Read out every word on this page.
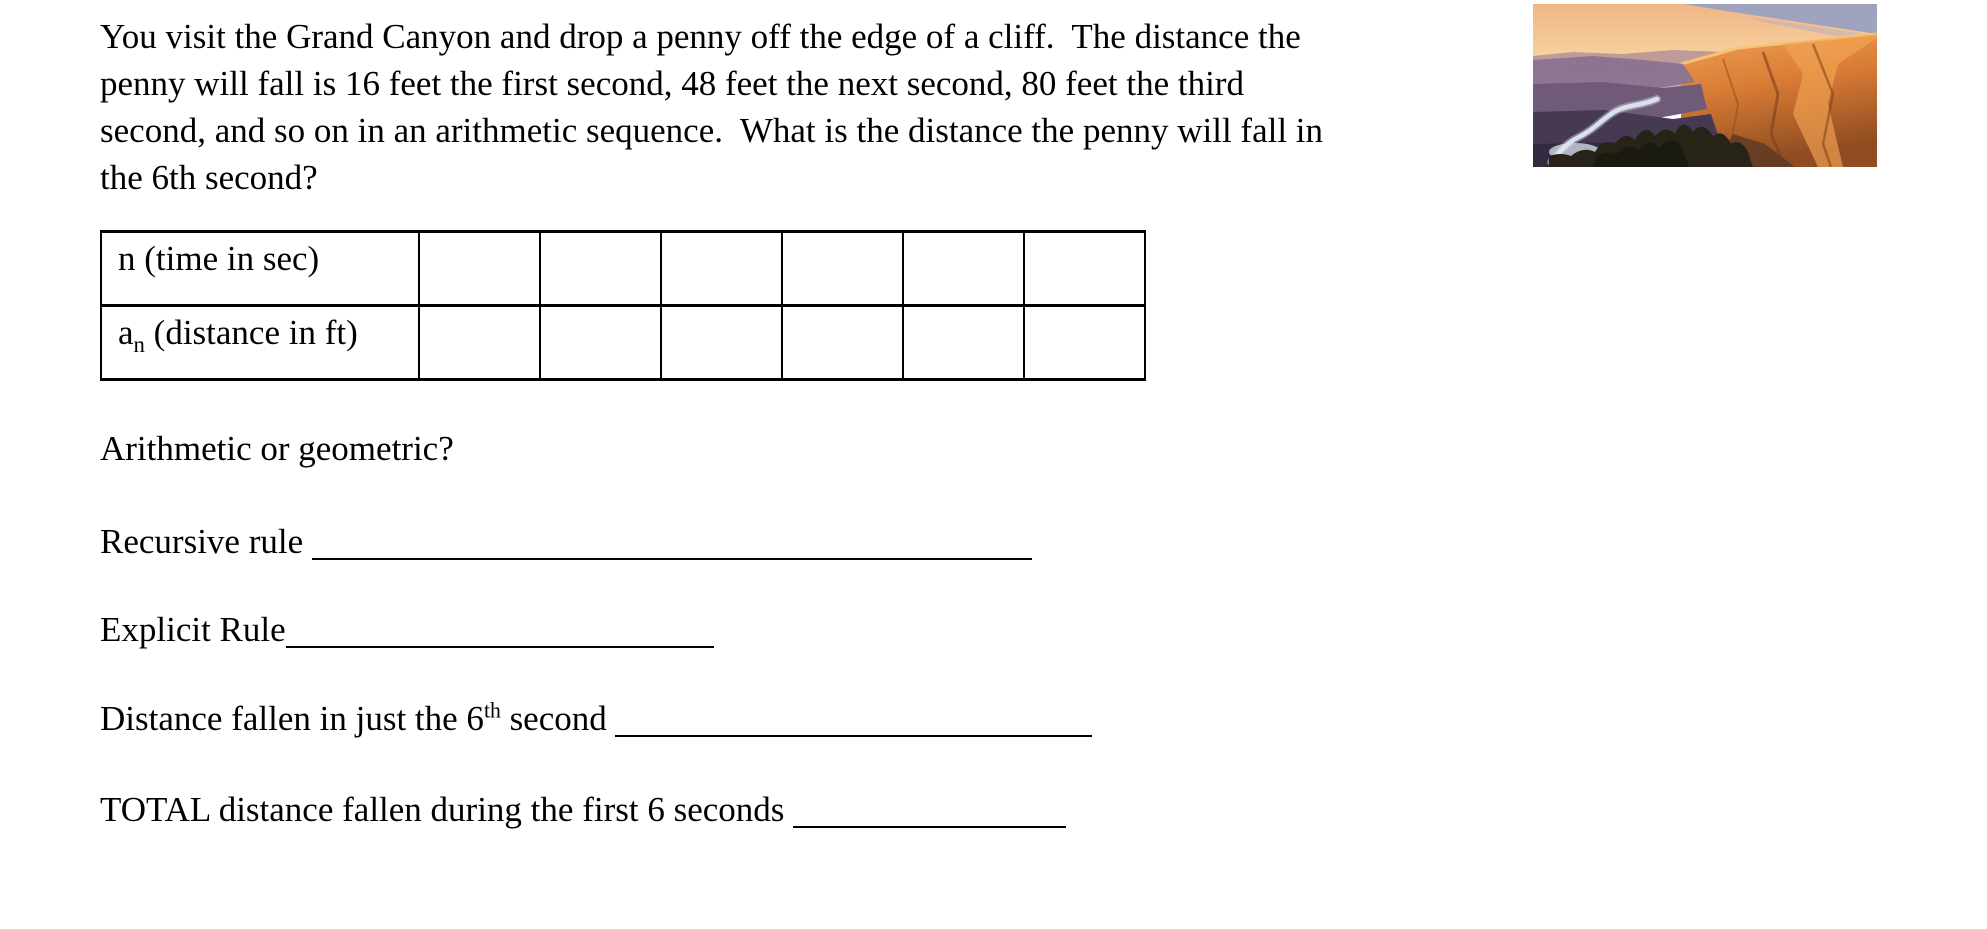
You visit the Grand Canyon and drop a penny off the edge of a cliff.  The distance the
penny will fall is 16 feet the first second, 48 feet the next second, 80 feet the third
second, and so on in an arithmetic sequence.  What is the distance the penny will fall in
the 6th second?
n (time in sec)						
$a_n$ (distance in ft)						
Arithmetic or geometric?
Recursive rule
Explicit Rule
Distance fallen in just the 6th second
TOTAL distance fallen during the first 6 seconds
